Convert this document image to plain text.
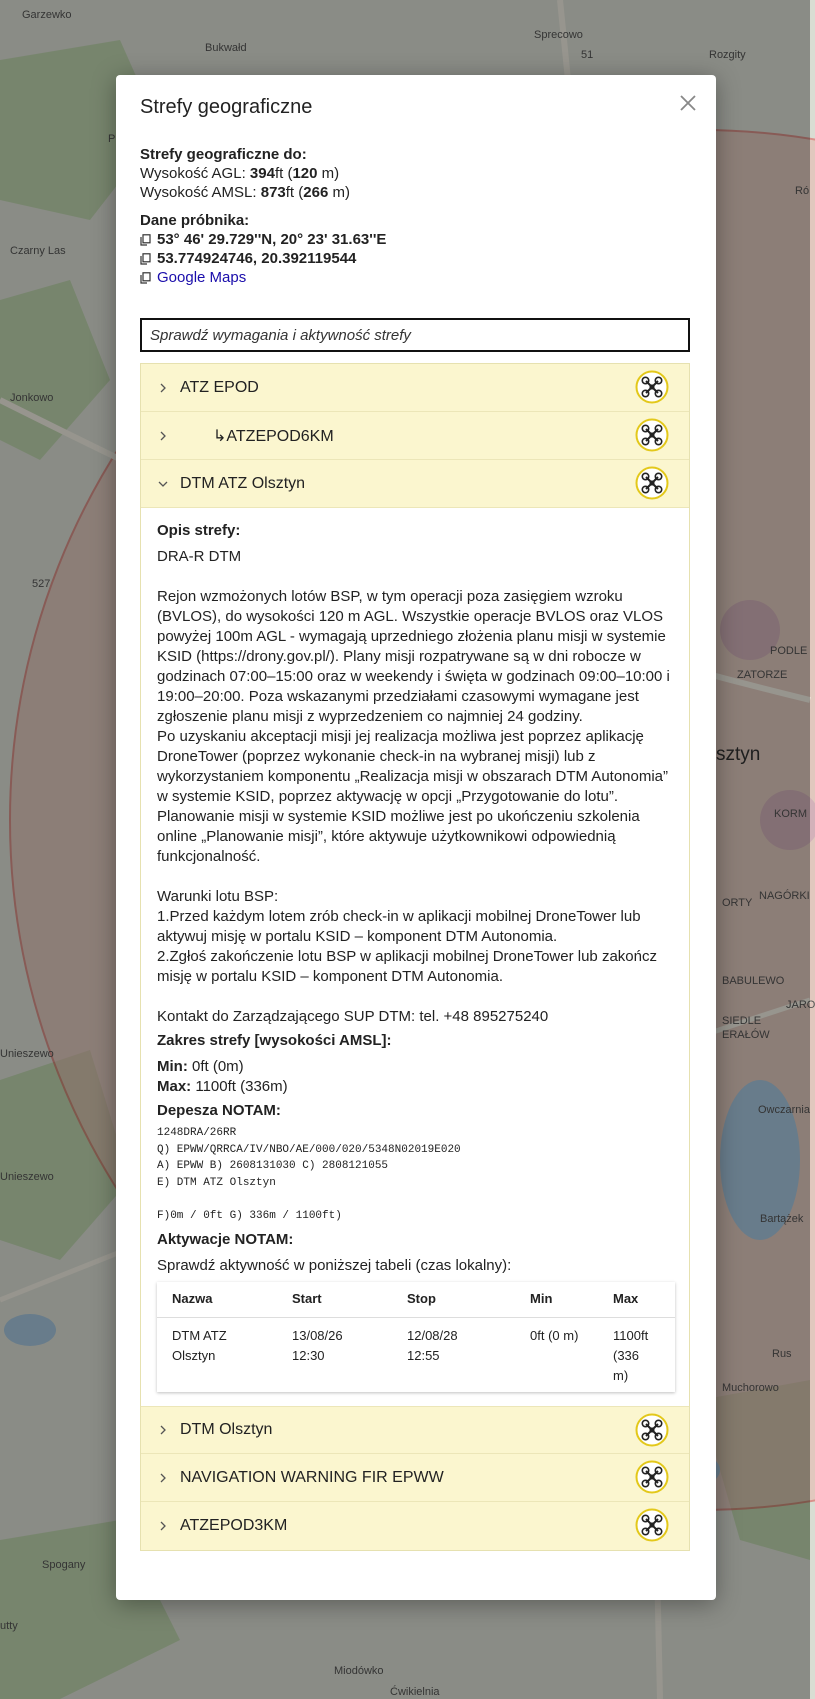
Garzewko
Bukwałd
Sprecowo
51	Rozgity
Czarny Las
Jonkowo
527
PODLE
ZATORZE
sztyn
KORM
NAGÓRKI
ORTY
BABULEWO
JARO
SIEDLE
ERAŁÓW
Unieszewo
Owczarnia
Unieszewo
Bartążek
Rus
Muchorowo
Spogany
Miodówko
Ćwikielnia
utty
Ró
P
Strefy geograficzne
Strefy geograficzne do:
Wysokość AGL: 394ft (120 m)
Wysokość AMSL: 873ft (266 m)
Dane próbnika:
53° 46' 29.729''N, 20° 23' 31.63''E
53.774924746, 20.392119544
Google Maps
Sprawdź wymagania i aktywność strefy
ATZ EPOD
↳ATZEPOD6KM
DTM ATZ Olsztyn
Opis strefy:
DRA-R DTM

Rejon wzmożonych lotów BSP, w tym operacji poza zasięgiem wzroku (BVLOS), do wysokości 120 m AGL. Wszystkie operacje BVLOS oraz VLOS powyżej 100m AGL - wymagają uprzedniego złożenia planu misji w systemie KSID (https://drony.gov.pl/). Plany misji rozpatrywane są w dni robocze w godzinach 07:00–15:00 oraz w weekendy i święta w godzinach 09:00–10:00 i 19:00–20:00. Poza wskazanymi przedziałami czasowymi wymagane jest zgłoszenie planu misji z wyprzedzeniem co najmniej 24 godziny.
Po uzyskaniu akceptacji misji jej realizacja możliwa jest poprzez aplikację DroneTower (poprzez wykonanie check-in na wybranej misji) lub z wykorzystaniem komponentu „Realizacja misji w obszarach DTM Autonomia” w systemie KSID, poprzez aktywację w opcji „Przygotowanie do lotu”. Planowanie misji w systemie KSID możliwe jest po ukończeniu szkolenia online „Planowanie misji”, które aktywuje użytkownikowi odpowiednią funkcjonalność.

Warunki lotu BSP:
1.Przed każdym lotem zrób check-in w aplikacji mobilnej DroneTower lub aktywuj misję w portalu KSID – komponent DTM Autonomia.
2.Zgłoś zakończenie lotu BSP w aplikacji mobilnej DroneTower lub zakończ misję w portalu KSID – komponent DTM Autonomia.

Kontakt do Zarządzającego SUP DTM: tel. +48 895275240
Zakres strefy [wysokości AMSL]:
Min: 0ft (0m)
Max: 1100ft (336m)
Depesza NOTAM:
1248DRA/26RR
Q) EPWW/QRRCA/IV/NBO/AE/000/020/5348N02019E020
A) EPWW B) 2608131030 C) 2808121055
E) DTM ATZ Olsztyn

F)0m / 0ft G) 336m / 1100ft)
Aktywacje NOTAM:
Sprawdź aktywność w poniższej tabeli (czas lokalny):
Nazwa	Start	Stop	Min	Max
DTM ATZ Olsztyn	13/08/26 12:30	12/08/28 12:55	0ft (0 m)	1100ft (336 m)
DTM Olsztyn
NAVIGATION WARNING FIR EPWW
ATZEPOD3KM
